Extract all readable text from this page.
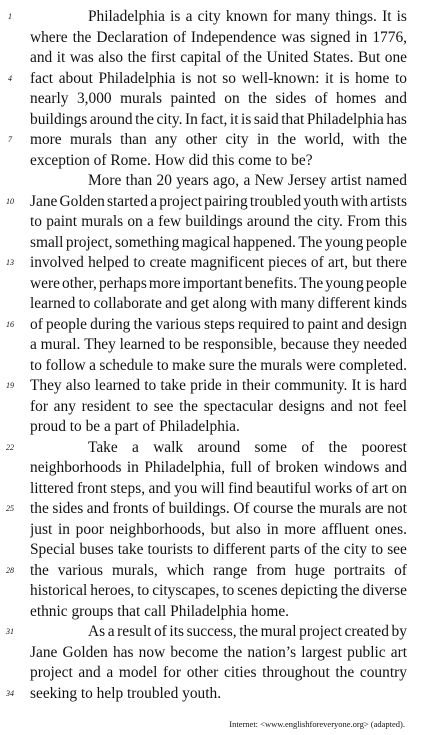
1	Philadelphia is a city known for many things. It is
where the Declaration of Independence was signed in 1776,
and it was also the first capital of the United States. But one
4	fact about Philadelphia is not so well-known: it is home to
nearly 3,000 murals painted on the sides of homes and
buildings around the city. In fact, it is said that Philadelphia has
7	more murals than any other city in the world, with the
exception of Rome. How did this come to be?
More than 20 years ago, a New Jersey artist named
10	Jane Golden started a project pairing troubled youth with artists
to paint murals on a few buildings around the city. From this
small project, something magical happened. The young people
13	involved helped to create magnificent pieces of art, but there
were other, perhaps more important benefits. The young people
learned to collaborate and get along with many different kinds
16	of people during the various steps required to paint and design
a mural. They learned to be responsible, because they needed
to follow a schedule to make sure the murals were completed.
19	They also learned to take pride in their community. It is hard
for any resident to see the spectacular designs and not feel
proud to be a part of Philadelphia.
22	Take a walk around some of the poorest
neighborhoods in Philadelphia, full of broken windows and
littered front steps, and you will find beautiful works of art on
25	the sides and fronts of buildings. Of course the murals are not
just in poor neighborhoods, but also in more affluent ones.
Special buses take tourists to different parts of the city to see
28	the various murals, which range from huge portraits of
historical heroes, to cityscapes, to scenes depicting the diverse
ethnic groups that call Philadelphia home.
31	As a result of its success, the mural project created by
Jane Golden has now become the nation’s largest public art
project and a model for other cities throughout the country
34	seeking to help troubled youth.
Internet: <www.englishforeveryone.org> (adapted).
